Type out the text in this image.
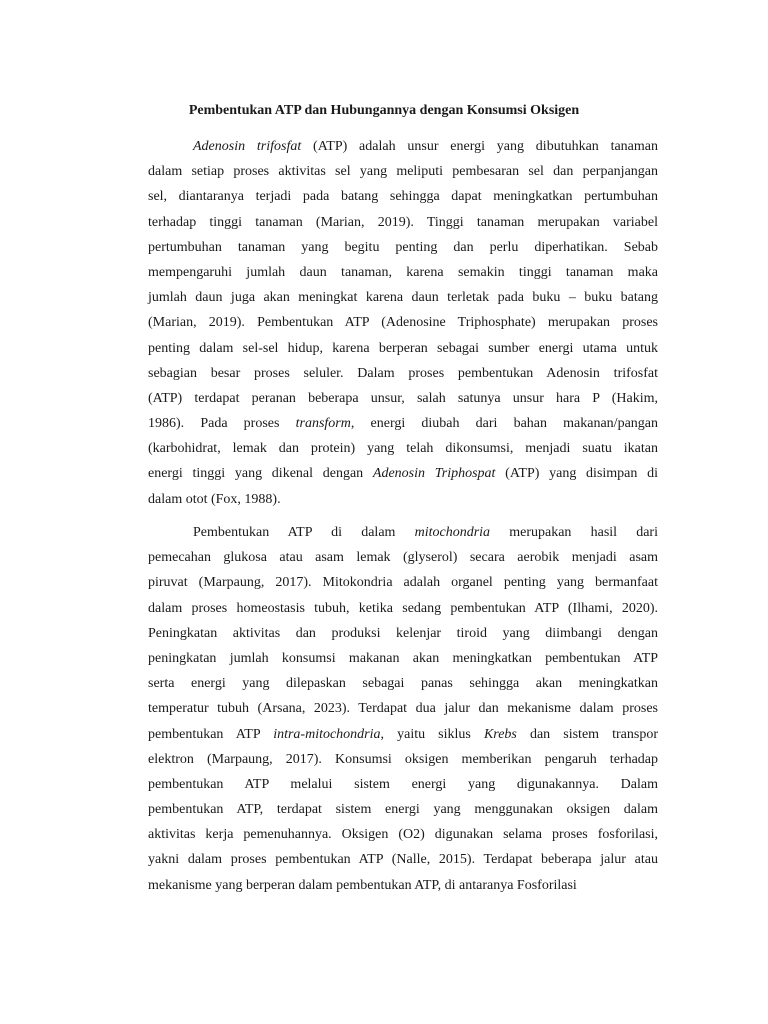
Pembentukan ATP dan Hubungannya dengan Konsumsi Oksigen
Adenosin trifosfat (ATP) adalah unsur energi yang dibutuhkan tanaman
dalam setiap proses aktivitas sel yang meliputi pembesaran sel dan perpanjangan
sel, diantaranya terjadi pada batang sehingga dapat meningkatkan pertumbuhan
terhadap tinggi tanaman (Marian, 2019). Tinggi tanaman merupakan variabel
pertumbuhan tanaman yang begitu penting dan perlu diperhatikan. Sebab
mempengaruhi jumlah daun tanaman, karena semakin tinggi tanaman maka
jumlah daun juga akan meningkat karena daun terletak pada buku – buku batang
(Marian, 2019). Pembentukan ATP (Adenosine Triphosphate) merupakan proses
penting dalam sel-sel hidup, karena berperan sebagai sumber energi utama untuk
sebagian besar proses seluler. Dalam proses pembentukan Adenosin trifosfat
(ATP) terdapat peranan beberapa unsur, salah satunya unsur hara P (Hakim,
1986). Pada proses transform, energi diubah dari bahan makanan/pangan
(karbohidrat, lemak dan protein) yang telah dikonsumsi, menjadi suatu ikatan
energi tinggi yang dikenal dengan Adenosin Triphospat (ATP) yang disimpan di
dalam otot (Fox, 1988).
Pembentukan ATP di dalam mitochondria merupakan hasil dari
pemecahan glukosa atau asam lemak (glyserol) secara aerobik menjadi asam
piruvat (Marpaung, 2017). Mitokondria adalah organel penting yang bermanfaat
dalam proses homeostasis tubuh, ketika sedang pembentukan ATP (Ilhami, 2020).
Peningkatan aktivitas dan produksi kelenjar tiroid yang diimbangi dengan
peningkatan jumlah konsumsi makanan akan meningkatkan pembentukan ATP
serta energi yang dilepaskan sebagai panas sehingga akan meningkatkan
temperatur tubuh (Arsana, 2023). Terdapat dua jalur dan mekanisme dalam proses
pembentukan ATP intra-mitochondria, yaitu siklus Krebs dan sistem transpor
elektron (Marpaung, 2017). Konsumsi oksigen memberikan pengaruh terhadap
pembentukan ATP melalui sistem energi yang digunakannya. Dalam
pembentukan ATP, terdapat sistem energi yang menggunakan oksigen dalam
aktivitas kerja pemenuhannya. Oksigen (O2) digunakan selama proses fosforilasi,
yakni dalam proses pembentukan ATP (Nalle, 2015). Terdapat beberapa jalur atau
mekanisme yang berperan dalam pembentukan ATP, di antaranya Fosforilasi
